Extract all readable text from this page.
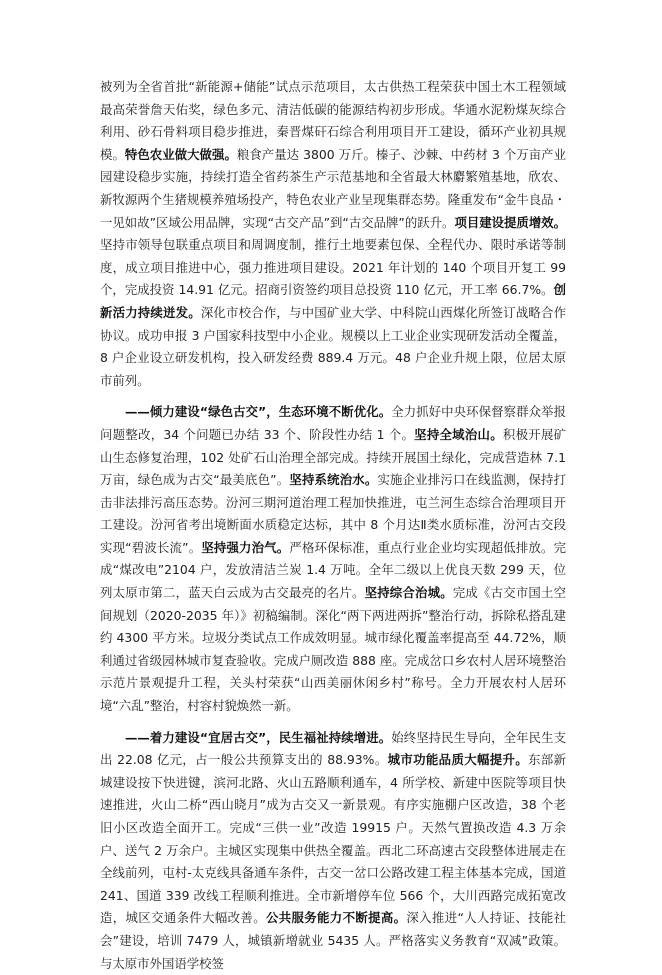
被列为全省首批“新能源+储能”试点示范项目，太古供热工程荣获中国土木工程领域最高荣誉詹天佑奖，绿色多元、清洁低碳的能源结构初步形成。华通水泥粉煤灰综合利用、砂石骨料项目稳步推进，秦晋煤矸石综合利用项目开工建设，循环产业初具规模。特色农业做大做强。粮食产量达 3800 万斤。榛子、沙棘、中药材 3 个万亩产业园建设稳步实施，持续打造全省药茶生产示范基地和全省最大林麝繁殖基地，欣农、新牧源两个生猪规模养殖场投产，特色农业产业呈现集群态势。隆重发布“金牛良品・一见如故”区域公用品牌，实现“古交产品”到“古交品牌”的跃升。项目建设提质增效。坚持市领导包联重点项目和周调度制，推行土地要素包保、全程代办、限时承诺等制度，成立项目推进中心，强力推进项目建设。2021 年计划的 140 个项目开复工 99 个，完成投资 14.91 亿元。招商引资签约项目总投资 110 亿元，开工率 66.7%。创新活力持续迸发。深化市校合作，与中国矿业大学、中科院山西煤化所签订战略合作协议。成功申报 3 户国家科技型中小企业。规模以上工业企业实现研发活动全覆盖，8 户企业设立研发机构，投入研发经费 889.4 万元。48 户企业升规上限，位居太原市前列。

——倾力建设“绿色古交”，生态环境不断优化。全力抓好中央环保督察群众举报问题整改，34 个问题已办结 33 个、阶段性办结 1 个。坚持全域治山。积极开展矿山生态修复治理，102 处矿石山治理全部完成。持续开展国土绿化，完成营造林 7.1 万亩，绿色成为古交“最美底色”。坚持系统治水。实施企业排污口在线监测，保持打击非法排污高压态势。汾河三期河道治理工程加快推进，屯兰河生态综合治理项目开工建设。汾河省考出境断面水质稳定达标，其中 8 个月达Ⅱ类水质标准，汾河古交段实现“碧波长流”。坚持强力治气。严格环保标准，重点行业企业均实现超低排放。完成“煤改电”2104 户，发放清洁兰炭 1.4 万吨。全年二级以上优良天数 299 天，位列太原市第二，蓝天白云成为古交最亮的名片。坚持综合治城。完成《古交市国土空间规划（2020-2035 年）》初稿编制。深化“两下两进两拆”整治行动，拆除私搭乱建约 4300 平方米。垃圾分类试点工作成效明显。城市绿化覆盖率提高至 44.72%，顺利通过省级园林城市复查验收。完成户厕改造 888 座。完成岔口乡农村人居环境整治示范片景观提升工程，关头村荣获“山西美丽休闲乡村”称号。全力开展农村人居环境“六乱”整治，村容村貌焕然一新。

——着力建设“宜居古交”，民生福祉持续增进。始终坚持民生导向，全年民生支出 22.08 亿元，占一般公共预算支出的 88.93%。城市功能品质大幅提升。东部新城建设按下快进键，滨河北路、火山五路顺利通车，4 所学校、新建中医院等项目快速推进，火山二桥“西山晓月”成为古交又一新景观。有序实施棚户区改造，38 个老旧小区改造全面开工。完成“三供一业”改造 19915 户。天然气置换改造 4.3 万余户、送气 2 万余户。主城区实现集中供热全覆盖。西北二环高速古交段整体进展走在全线前列，屯村-太克线具备通车条件，古交一岔口公路改建工程主体基本完成，国道 241、国道 339 改线工程顺利推进。全市新增停车位 566 个，大川西路完成拓宽改造，城区交通条件大幅改善。公共服务能力不断提高。深入推进“人人持证、技能社会”建设，培训 7479 人，城镇新增就业 5435 人。严格落实义务教育“双减”政策。与太原市外国语学校签
